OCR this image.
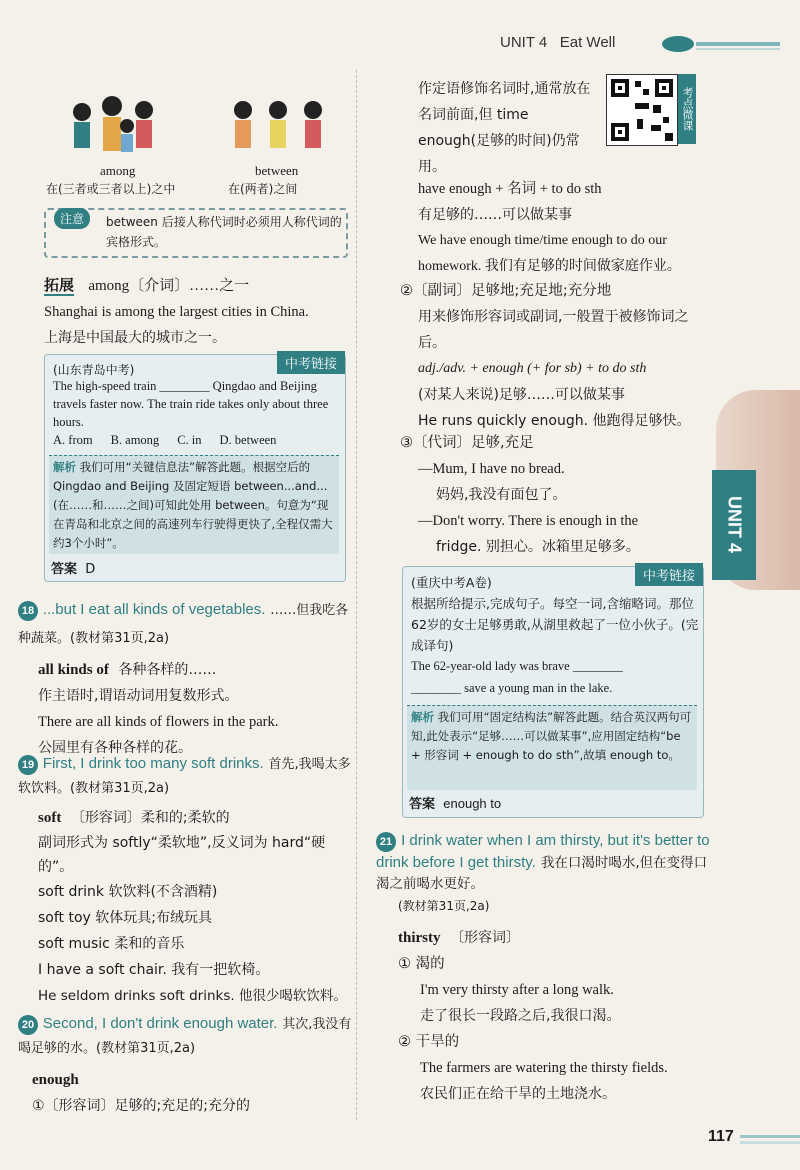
UNIT 4 Eat Well
among	between
在(三者或三者以上)之中	在(两者)之间
注意	between 后接人称代词时必须用人称代词的宾格形式。
拓展 among〔介词〕……之一
Shanghai is among the largest cities in China.
上海是中国最大的城市之一。
中考链接
(山东青岛中考)
The high-speed train ________ Qingdao and Beijing travels faster now. The train ride takes only about three hours.
A. from B. among C. in D. between
解析 我们可用“关键信息法”解答此题。根据空后的 Qingdao and Beijing 及固定短语 between...and...(在……和……之间)可知此处用 between。句意为“现在青岛和北京之间的高速列车行驶得更快了,全程仅需大约3个小时”。
答案 D
18 ...but I eat all kinds of vegetables. ……但我吃各种蔬菜。(教材第31页,2a)
all kinds of 各种各样的……
作主语时,谓语动词用复数形式。
There are all kinds of flowers in the park.
公园里有各种各样的花。
19 First, I drink too many soft drinks. 首先,我喝太多软饮料。(教材第31页,2a)
soft 〔形容词〕柔和的;柔软的
副词形式为 softly“柔软地”,反义词为 hard“硬的”。
soft drink 软饮料(不含酒精)
soft toy 软体玩具;布绒玩具
soft music 柔和的音乐
I have a soft chair. 我有一把软椅。
He seldom drinks soft drinks. 他很少喝软饮料。
20 Second, I don't drink enough water. 其次,我没有喝足够的水。(教材第31页,2a)
enough
①〔形容词〕足够的;充足的;充分的
考点微课
作定语修饰名词时,通常放在名词前面,但 time enough(足够的时间)仍常用。
have enough + 名词 + to do sth
有足够的……可以做某事
We have enough time/time enough to do our homework. 我们有足够的时间做家庭作业。
②〔副词〕足够地;充足地;充分地
用来修饰形容词或副词,一般置于被修饰词之后。
adj./adv. + enough (+ for sb) + to do sth
(对某人来说)足够……可以做某事
He runs quickly enough. 他跑得足够快。
③〔代词〕足够,充足
—Mum, I have no bread.
妈妈,我没有面包了。
—Don't worry. There is enough in the
fridge. 别担心。冰箱里足够多。
中考链接
(重庆中考A卷)
根据所给提示,完成句子。每空一词,含缩略词。那位62岁的女士足够勇敢,从湖里救起了一位小伙子。(完成译句)
The 62-year-old lady was brave ________
________ save a young man in the lake.
解析 我们可用“固定结构法”解答此题。结合英汉两句可知,此处表示“足够……可以做某事”,应用固定结构“be + 形容词 + enough to do sth”,故填 enough to。
答案 enough to
21 I drink water when I am thirsty, but it's better to drink before I get thirsty. 我在口渴时喝水,但在变得口渴之前喝水更好。
(教材第31页,2a)
thirsty 〔形容词〕
① 渴的
I'm very thirsty after a long walk.
走了很长一段路之后,我很口渴。
② 干旱的
The farmers are watering the thirsty fields.
农民们正在给干旱的土地浇水。
UNIT 4
117
